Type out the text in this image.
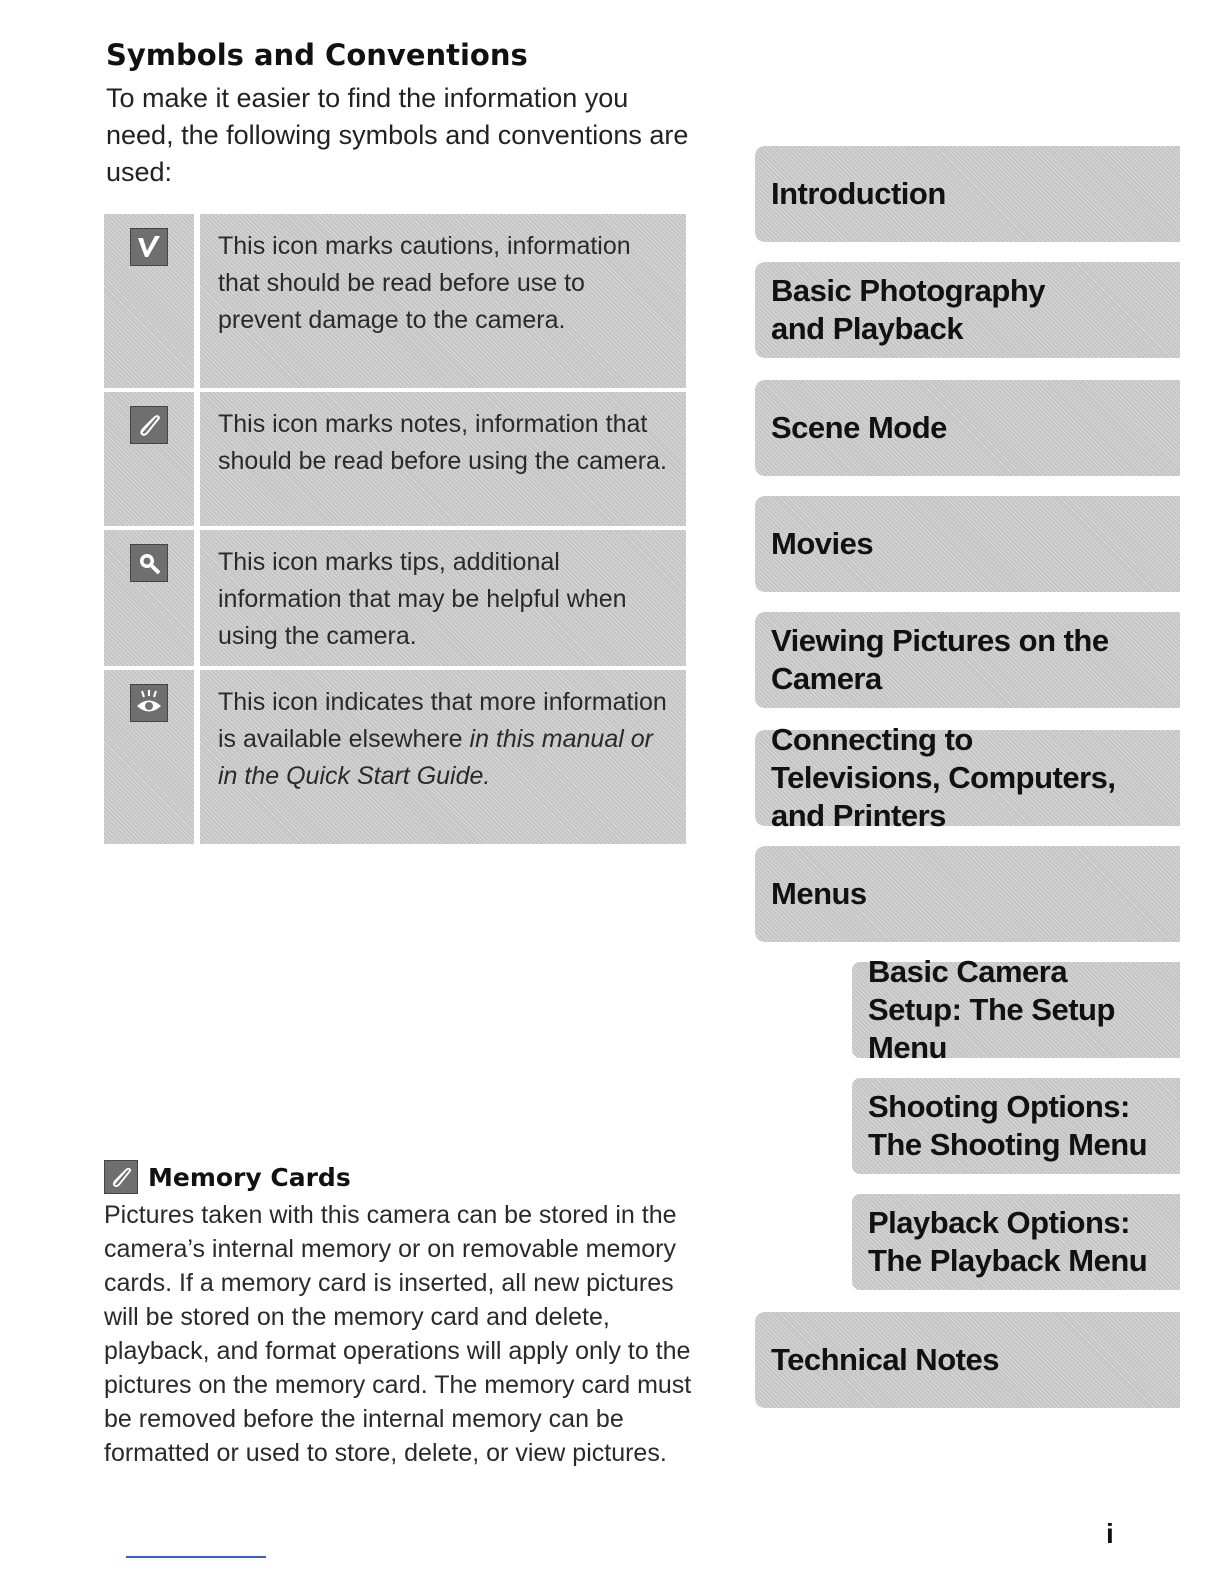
Symbols and Conventions

To make it easier to find the information you need, the following symbols and conventions are used:

This icon marks cautions, information that should be read before use to prevent damage to the camera.
This icon marks notes, information that should be read before using the camera.
This icon marks tips, additional information that may be helpful when using the camera.
This icon indicates that more information is available elsewhere in this manual or in the Quick Start Guide.
Memory Cards

Pictures taken with this camera can be stored in the camera’s internal memory or on removable memory cards. If a memory card is inserted, all new pictures will be stored on the memory card and delete, playback, and format operations will apply only to the pictures on the memory card. The memory card must be removed before the internal memory can be formatted or used to store, delete, or view pictures.

Introduction
Basic Photography and Playback
Scene Mode
Movies
Viewing Pictures on the Camera
Connecting to Televisions, Computers, and Printers
Menus
Basic Camera Setup: The Setup Menu
Shooting Options: The Shooting Menu
Playback Options: The Playback Menu
Technical Notes
i
